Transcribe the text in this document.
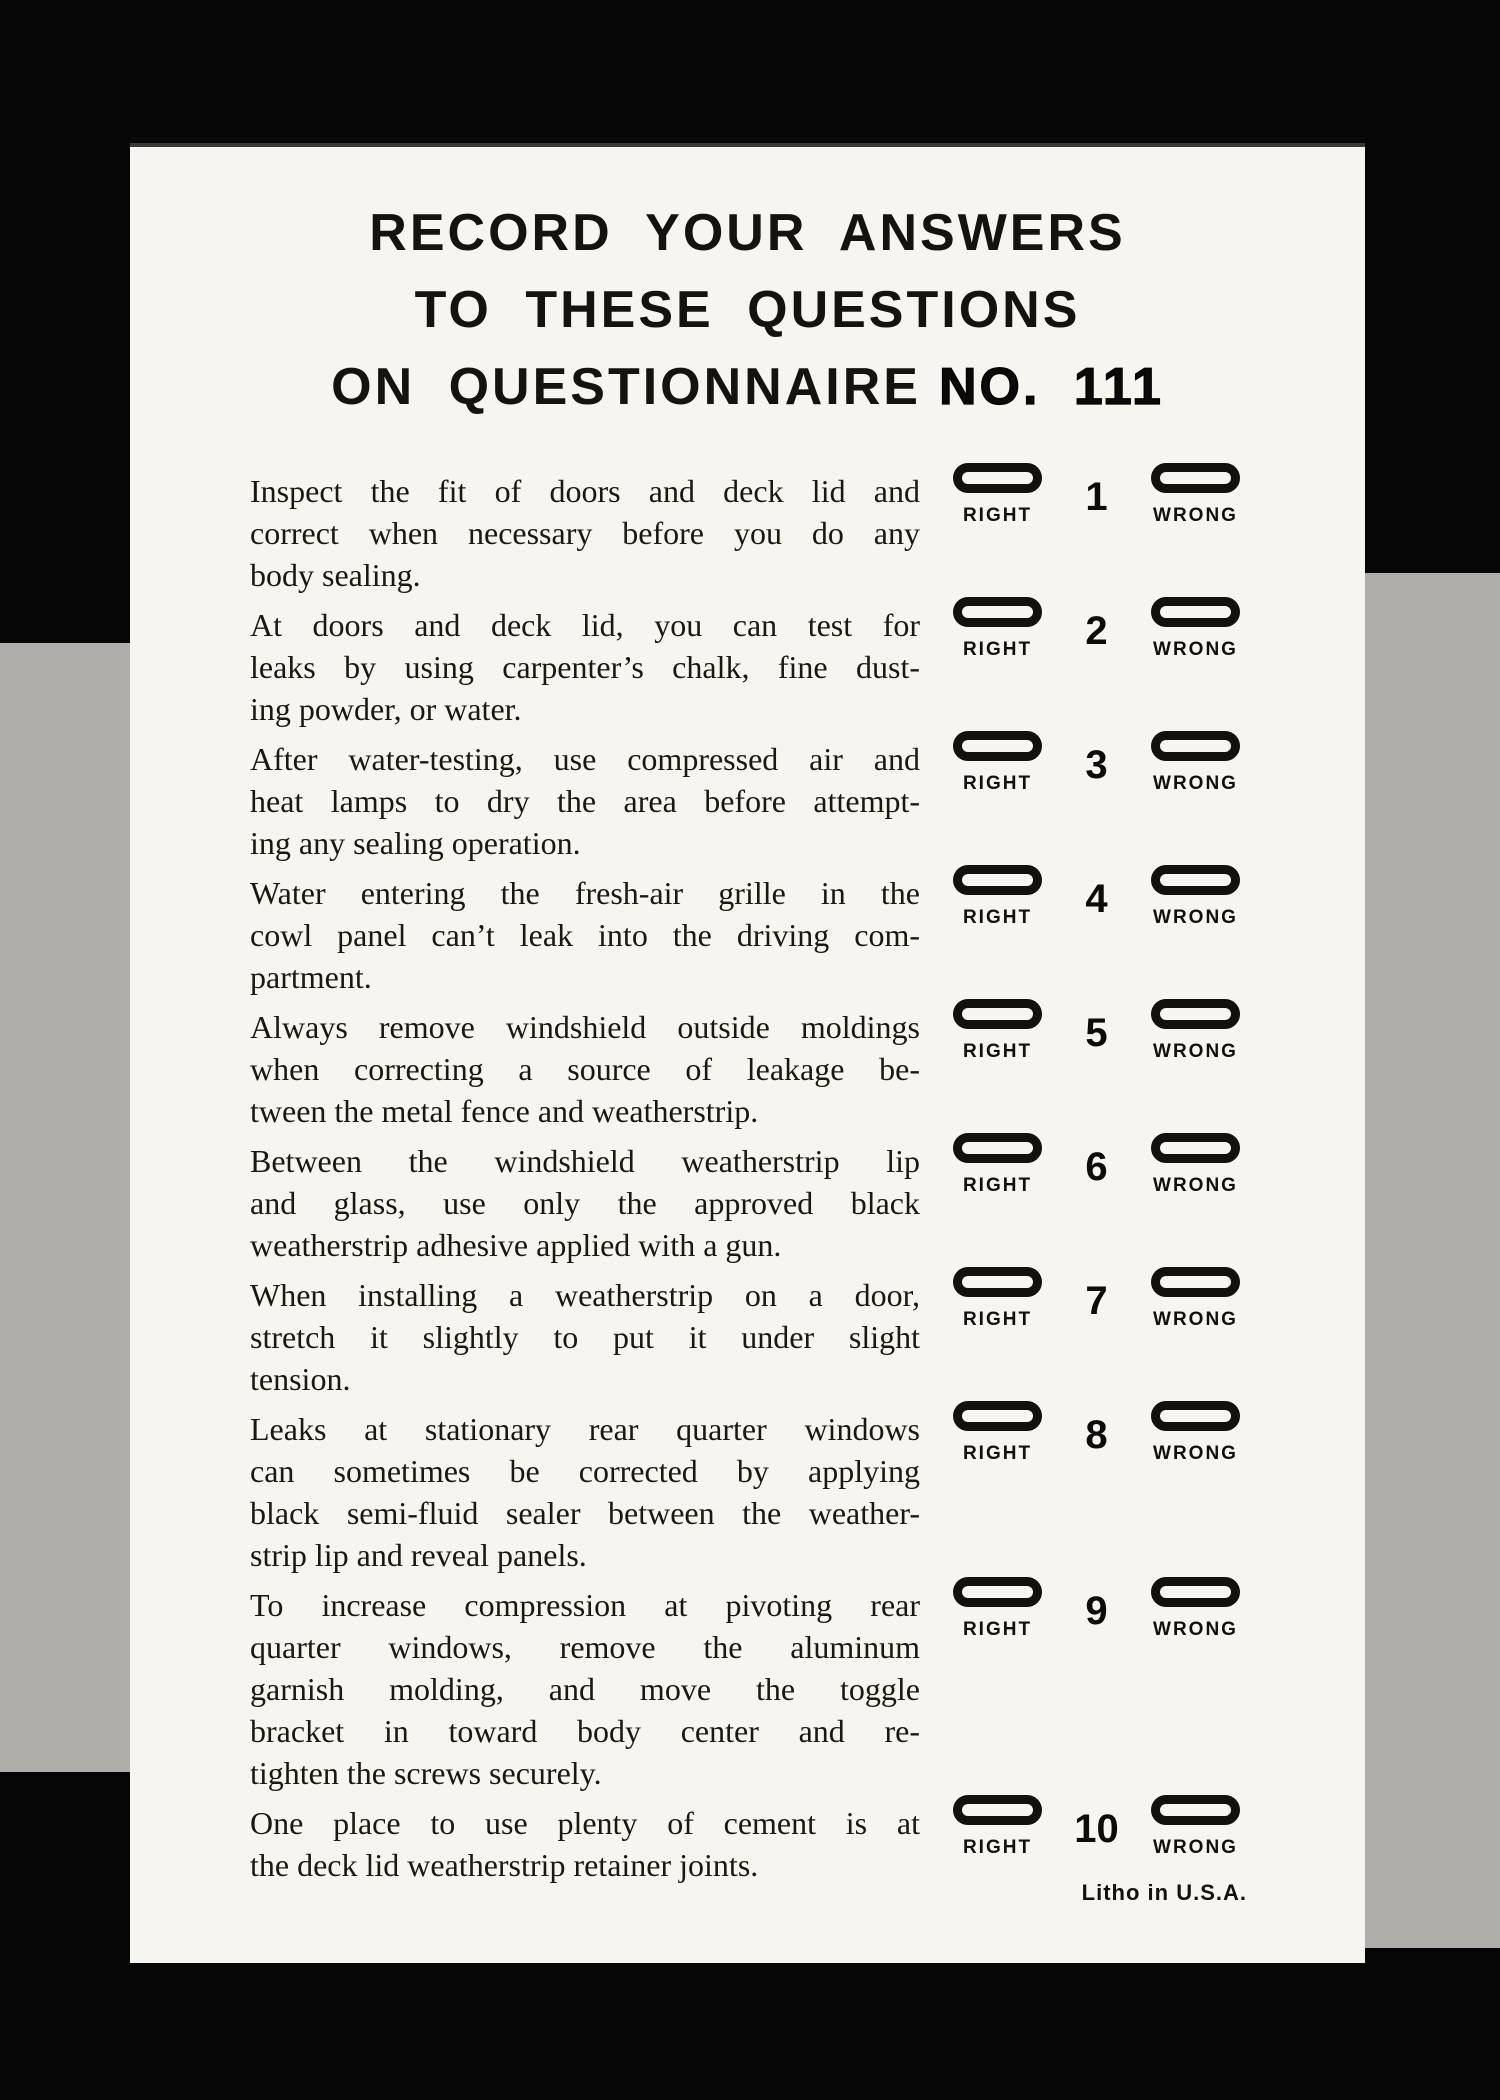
RECORD YOUR ANSWERS
TO THESE QUESTIONS
ON QUESTIONNAIRE NO. 111
Inspect the fit of doors and deck lid and
correct when necessary before you do any
body sealing.
RIGHT	1	WRONG
At doors and deck lid, you can test for
leaks by using carpenter’s chalk, fine dust-
ing powder, or water.
RIGHT	2	WRONG
After water-testing, use compressed air and
heat lamps to dry the area before attempt-
ing any sealing operation.
RIGHT	3	WRONG
Water entering the fresh-air grille in the
cowl panel can’t leak into the driving com-
partment.
RIGHT	4	WRONG
Always remove windshield outside moldings
when correcting a source of leakage be-
tween the metal fence and weatherstrip.
RIGHT	5	WRONG
Between the windshield weatherstrip lip
and glass, use only the approved black
weatherstrip adhesive applied with a gun.
RIGHT	6	WRONG
When installing a weatherstrip on a door,
stretch it slightly to put it under slight
tension.
RIGHT	7	WRONG
Leaks at stationary rear quarter windows
can sometimes be corrected by applying
black semi-fluid sealer between the weather-
strip lip and reveal panels.
RIGHT	8	WRONG
To increase compression at pivoting rear
quarter windows, remove the aluminum
garnish molding, and move the toggle
bracket in toward body center and re-
tighten the screws securely.
RIGHT	9	WRONG
One place to use plenty of cement is at
the deck lid weatherstrip retainer joints.	RIGHT	10	WRONG
Litho in U.S.A.
